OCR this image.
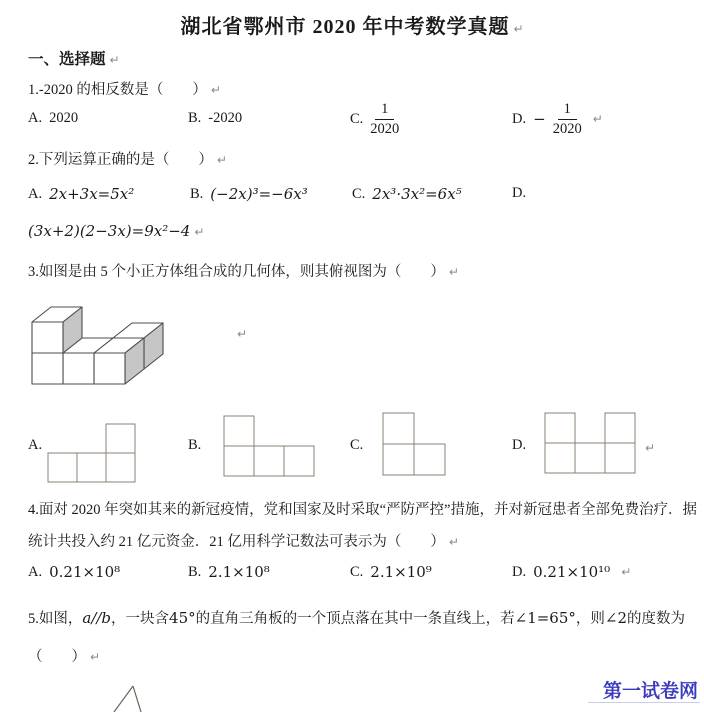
湖北省鄂州市 2020 年中考数学真题 ↵
一、选择题 ↵
1.-2020 的相反数是（　　） ↵
A. 2020	B. -2020	C. $\frac{1}{2020}$	D. − $\frac{1}{2020}$ ↵
2.下列运算正确的是（　　） ↵
A. 2x+3x=5x²	B. (−2x)³=−6x³	C. 2x³·3x²=6x⁵	D.
(3x+2)(2−3x)=9x²−4 ↵
3.如图是由 5 个小正方体组合成的几何体，则其俯视图为（　　） ↵
↵
A.	B.	C.	D.	↵
4.面对 2020 年突如其来的新冠疫情，党和国家及时采取“严防严控”措施，并对新冠患者全部免费治疗．据
统计共投入约 21 亿元资金．21 亿用科学记数法可表示为（　　） ↵
A. 0.21×10⁸	B. 2.1×10⁸	C. 2.1×10⁹	D. 0.21×10¹⁰ ↵
5.如图，a//b，一块含45°的直角三角板的一个顶点落在其中一条直线上，若∠1=65°，则∠2的度数为
（　　） ↵
第一试卷网
